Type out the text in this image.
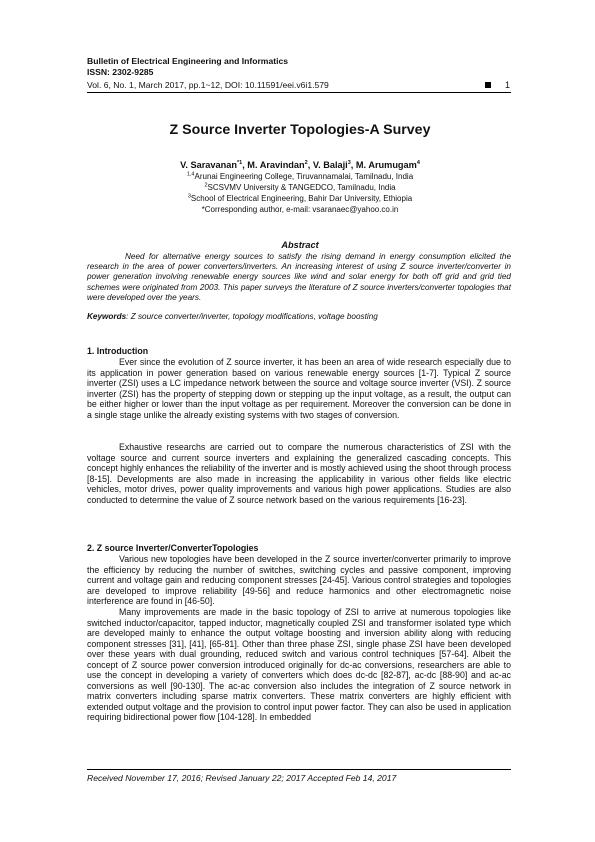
Bulletin of Electrical Engineering and Informatics
ISSN: 2302-9285
Vol. 6, No. 1, March 2017, pp.1~12, DOI: 10.11591/eei.v6i1.579	1
Z Source Inverter Topologies-A Survey
V. Saravanan$^{*1}$, M. Aravindan$^2$, V. Balaji$^3$, M. Arumugam$^4$
$^{1,4}$Arunai Engineering College, Tiruvannamalai, Tamilnadu, India
$^2$SCSVMV University & TANGEDCO, Tamilnadu, India
$^3$School of Electrical Engineering, Bahir Dar University, Ethiopia
*Corresponding author, e-mail: vsaranaec@yahoo.co.in
Abstract

Need for alternative energy sources to satisfy the rising demand in energy consumption elicited the research in the area of power converters/inverters. An increasing interest of using Z source inverter/converter in power generation involving renewable energy sources like wind and solar energy for both off grid and grid tied schemes were originated from 2003. This paper surveys the literature of Z source inverters/converter topologies that were developed over the years.

Keywords: Z source converter/inverter, topology modifications, voltage boosting

1. Introduction

Ever since the evolution of Z source inverter, it has been an area of wide research especially due to its application in power generation based on various renewable energy sources [1-7]. Typical Z source inverter (ZSI) uses a LC impedance network between the source and voltage source inverter (VSI). Z source inverter (ZSI) has the property of stepping down or stepping up the input voltage, as a result, the output can be either higher or lower than the input voltage as per requirement. Moreover the conversion can be done in a single stage unlike the already existing systems with two stages of conversion.

Exhaustive researchs are carried out to compare the numerous characteristics of ZSI with the voltage source and current source inverters and explaining the generalized cascading concepts. This concept highly enhances the reliability of the inverter and is mostly achieved using the shoot through process [8-15]. Developments are also made in increasing the applicability in various other fields like electric vehicles, motor drives, power quality improvements and various high power applications. Studies are also conducted to determine the value of Z source network based on the various requirements [16-23].

2. Z source Inverter/ConverterTopologies

Various new topologies have been developed in the Z source inverter/converter primarily to improve the efficiency by reducing the number of switches, switching cycles and passive component, improving current and voltage gain and reducing component stresses [24-45]. Various control strategies and topologies are developed to improve reliability [49-56] and reduce harmonics and other electromagnetic noise interference are found in [46-50].

Many improvements are made in the basic topology of ZSI to arrive at numerous topologies like switched inductor/capacitor, tapped inductor, magnetically coupled ZSI and transformer isolated type which are developed mainly to enhance the output voltage boosting and inversion ability along with reducing component stresses [31], [41], [65-81]. Other than three phase ZSI, single phase ZSI have been developed over these years with dual grounding, reduced switch and various control techniques [57-64]. Albeit the concept of Z source power conversion introduced originally for dc-ac conversions, researchers are able to use the concept in developing a variety of converters which does dc-dc [82-87], ac-dc [88-90] and ac-ac conversions as well [90-130]. The ac-ac conversion also includes the integration of Z source network in matrix converters including sparse matrix converters. These matrix converters are highly efficient with extended output voltage and the provision to control input power factor. They can also be used in application requiring bidirectional power flow [104-128]. In embedded

Received November 17, 2016; Revised January 22; 2017 Accepted Feb 14, 2017
